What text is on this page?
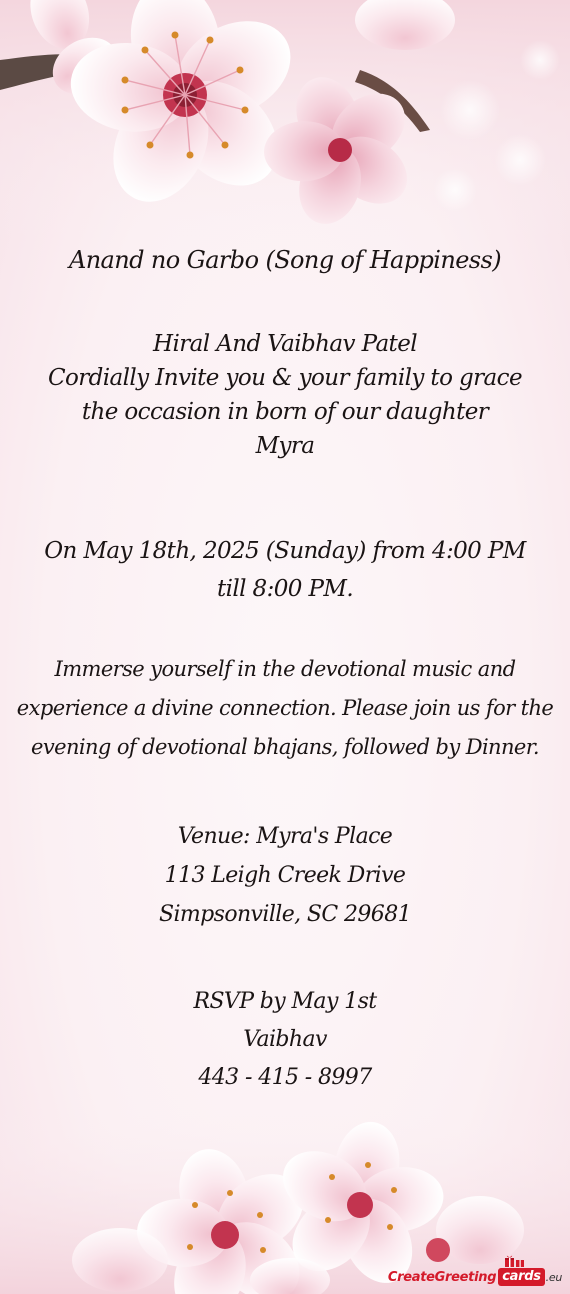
Anand no Garbo (Song of Happiness)
Hiral And Vaibhav Patel
Cordially Invite you & your family to grace
the occasion in born of our daughter
Myra
On May 18th, 2025 (Sunday) from 4:00 PM
till 8:00 PM.
Immerse yourself in the devotional music and
experience a divine connection. Please join us for the
evening of devotional bhajans, followed by Dinner.
Venue: Myra's Place
113 Leigh Creek Drive
Simpsonville, SC 29681
RSVP by May 1st
Vaibhav
443 - 415 - 8997
CreateGreeting cards .eu
